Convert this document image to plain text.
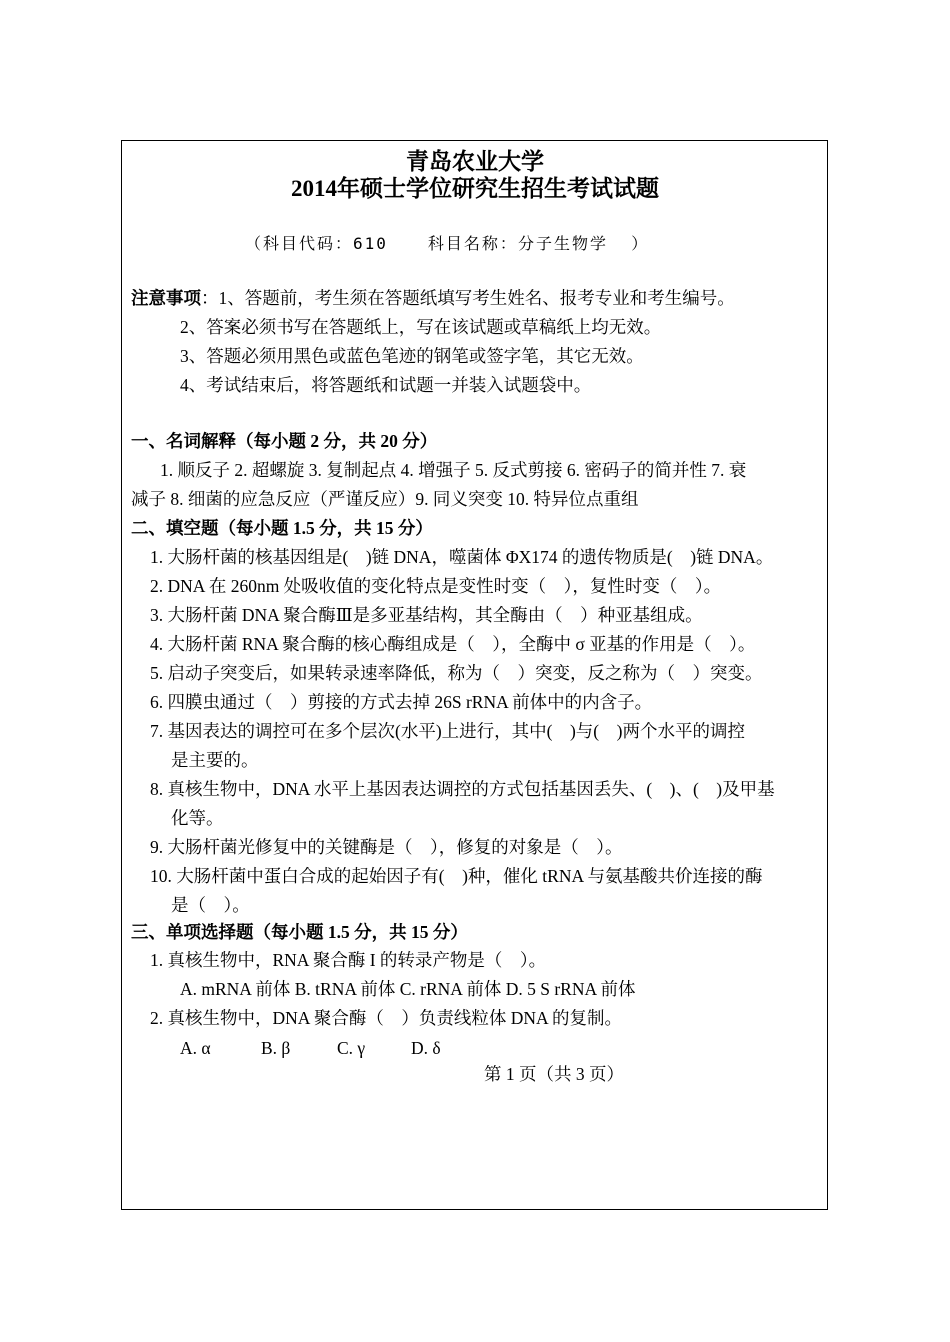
青岛农业大学
2014年硕士学位研究生招生考试试题
（科目代码：610	科目名称：分子生物学 ）
注意事项：1、答题前，考生须在答题纸填写考生姓名、报考专业和考生编号。
2、答案必须书写在答题纸上，写在该试题或草稿纸上均无效。
3、答题必须用黑色或蓝色笔迹的钢笔或签字笔，其它无效。
4、考试结束后，将答题纸和试题一并装入试题袋中。
一、名词解释（每小题 2 分，共 20 分）
1. 顺反子 2. 超螺旋 3. 复制起点 4. 增强子 5. 反式剪接 6. 密码子的简并性 7. 衰
减子 8. 细菌的应急反应（严谨反应）9. 同义突变 10. 特异位点重组
二、填空题（每小题 1.5 分，共 15 分）
1. 大肠杆菌的核基因组是(　)链 DNA，噬菌体 ΦX174 的遗传物质是(　)链 DNA。
2. DNA 在 260nm 处吸收值的变化特点是变性时变（　），复性时变（　）。
3. 大肠杆菌 DNA 聚合酶Ⅲ是多亚基结构，其全酶由（　）种亚基组成。
4. 大肠杆菌 RNA 聚合酶的核心酶组成是（　），全酶中 σ 亚基的作用是（　）。
5. 启动子突变后，如果转录速率降低，称为（　）突变，反之称为（　）突变。
6. 四膜虫通过（　）剪接的方式去掉 26S rRNA 前体中的内含子。
7. 基因表达的调控可在多个层次(水平)上进行，其中(　)与(　)两个水平的调控
是主要的。
8. 真核生物中，DNA 水平上基因表达调控的方式包括基因丢失、(　)、(　)及甲基
化等。
9. 大肠杆菌光修复中的关键酶是（　），修复的对象是（　）。
10. 大肠杆菌中蛋白合成的起始因子有(　)种，催化 tRNA 与氨基酸共价连接的酶
是（　）。
三、单项选择题（每小题 1.5 分，共 15 分）
1. 真核生物中，RNA 聚合酶 I 的转录产物是（　）。
A. mRNA 前体 B. tRNA 前体 C. rRNA 前体 D. 5 S rRNA 前体
2. 真核生物中，DNA 聚合酶（　）负责线粒体 DNA 的复制。
A. α	B. β	C. γ	D. δ
第 1 页（共 3 页）
